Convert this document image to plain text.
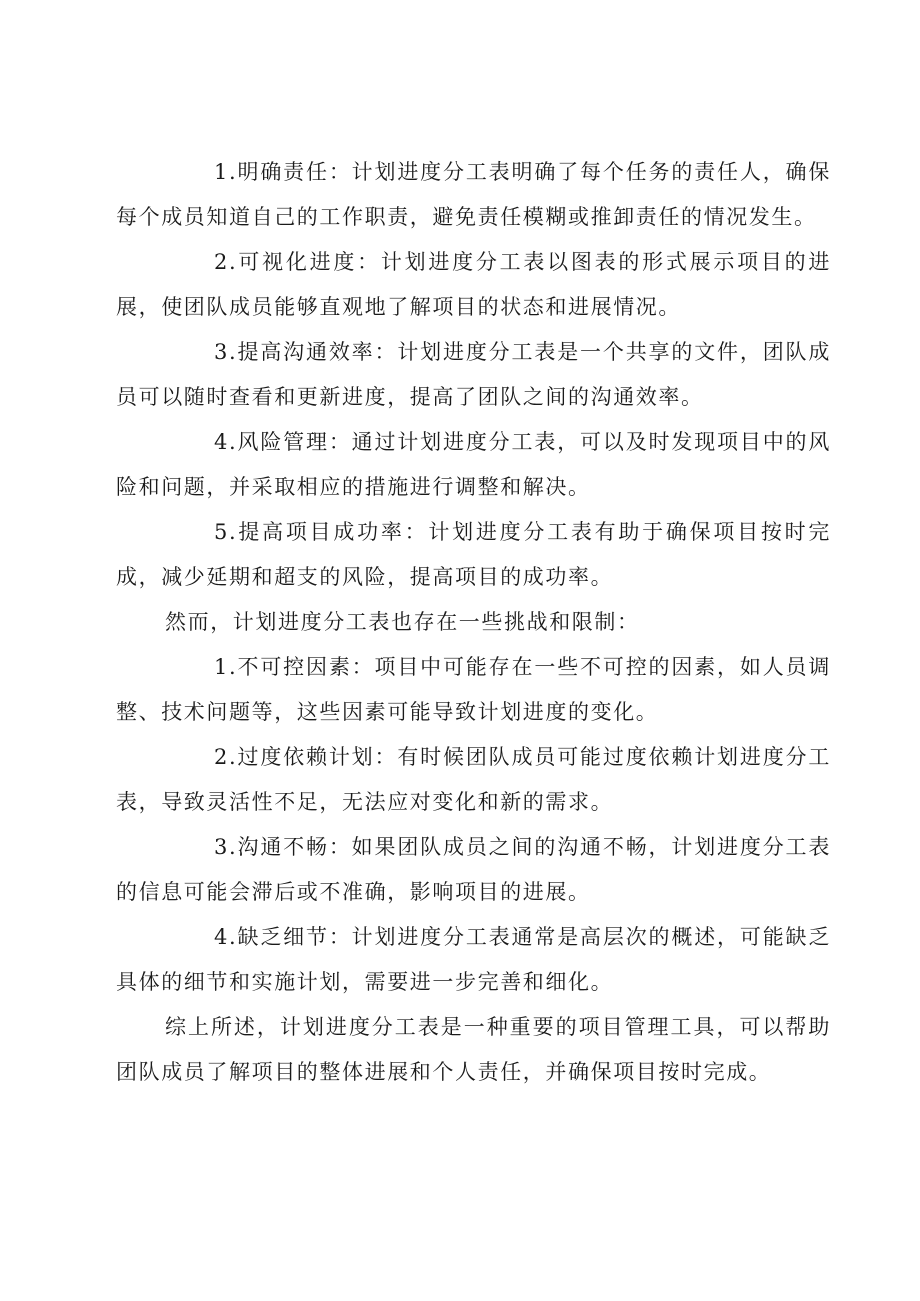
1.明确责任：计划进度分工表明确了每个任务的责任人，确保每个成员知道自己的工作职责，避免责任模糊或推卸责任的情况发生。

2.可视化进度：计划进度分工表以图表的形式展示项目的进展，使团队成员能够直观地了解项目的状态和进展情况。

3.提高沟通效率：计划进度分工表是一个共享的文件，团队成员可以随时查看和更新进度，提高了团队之间的沟通效率。

4.风险管理：通过计划进度分工表，可以及时发现项目中的风险和问题，并采取相应的措施进行调整和解决。

5.提高项目成功率：计划进度分工表有助于确保项目按时完成，减少延期和超支的风险，提高项目的成功率。

然而，计划进度分工表也存在一些挑战和限制：

1.不可控因素：项目中可能存在一些不可控的因素，如人员调整、技术问题等，这些因素可能导致计划进度的变化。

2.过度依赖计划：有时候团队成员可能过度依赖计划进度分工表，导致灵活性不足，无法应对变化和新的需求。

3.沟通不畅：如果团队成员之间的沟通不畅，计划进度分工表的信息可能会滞后或不准确，影响项目的进展。

4.缺乏细节：计划进度分工表通常是高层次的概述，可能缺乏具体的细节和实施计划，需要进一步完善和细化。

综上所述，计划进度分工表是一种重要的项目管理工具，可以帮助团队成员了解项目的整体进展和个人责任，并确保项目按时完成。
